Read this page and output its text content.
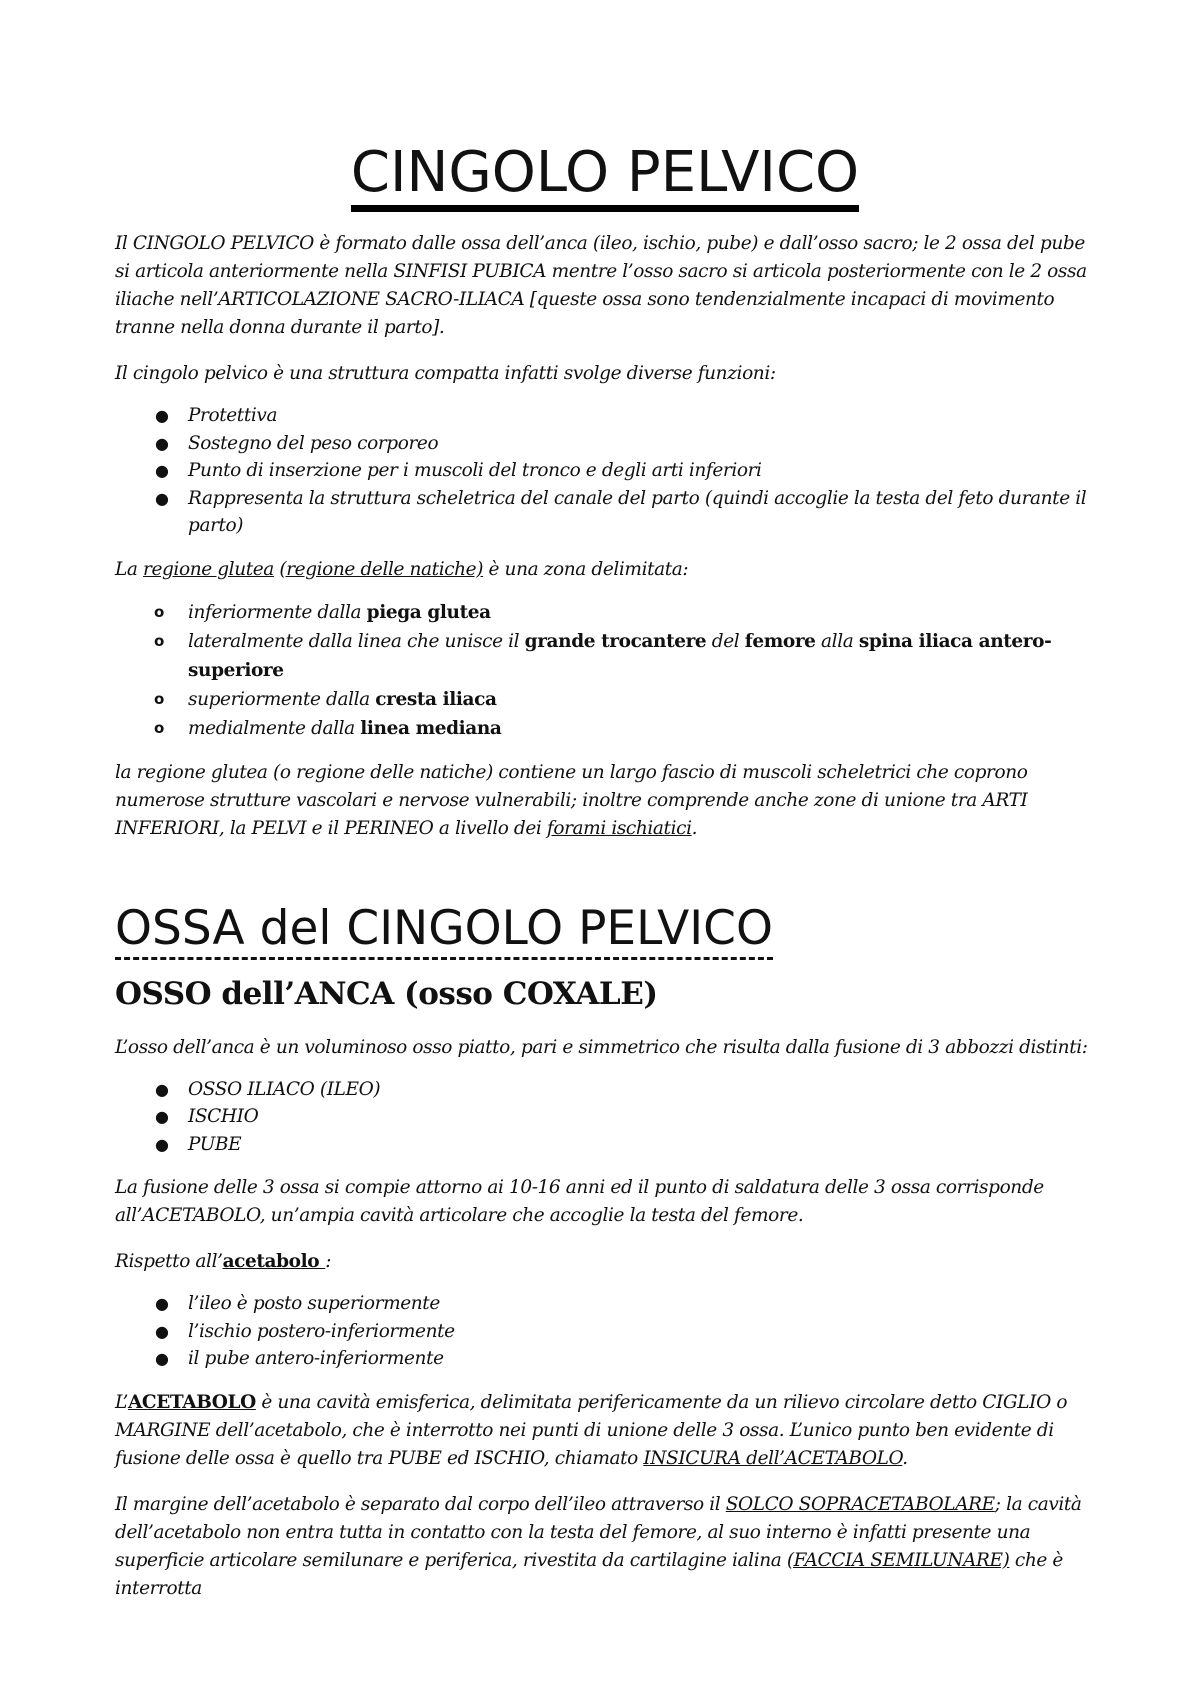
CINGOLO PELVICO

Il CINGOLO PELVICO è formato dalle ossa dell’anca (ileo, ischio, pube) e dall’osso sacro; le 2 ossa del pube si articola anteriormente nella SINFISI PUBICA mentre l’osso sacro si articola posteriormente con le 2 ossa iliache nell’ARTICOLAZIONE SACRO-ILIACA [queste ossa sono tendenzialmente incapaci di movimento tranne nella donna durante il parto].

Il cingolo pelvico è una struttura compatta infatti svolge diverse funzioni:

● Protettiva
● Sostegno del peso corporeo
● Punto di inserzione per i muscoli del tronco e degli arti inferiori
● Rappresenta la struttura scheletrica del canale del parto (quindi accoglie la testa del feto durante il parto)

La regione glutea (regione delle natiche) è una zona delimitata:

o inferiormente dalla piega glutea
o lateralmente dalla linea che unisce il grande trocantere del femore alla spina iliaca antero-superiore
o superiormente dalla cresta iliaca
o medialmente dalla linea mediana

la regione glutea (o regione delle natiche) contiene un largo fascio di muscoli scheletrici che coprono numerose strutture vascolari e nervose vulnerabili; inoltre comprende anche zone di unione tra ARTI INFERIORI, la PELVI e il PERINEO a livello dei forami ischiatici.

OSSA del CINGOLO PELVICO
OSSO dell’ANCA (osso COXALE)

L’osso dell’anca è un voluminoso osso piatto, pari e simmetrico che risulta dalla fusione di 3 abbozzi distinti:

● OSSO ILIACO (ILEO)
● ISCHIO
● PUBE

La fusione delle 3 ossa si compie attorno ai 10-16 anni ed il punto di saldatura delle 3 ossa corrisponde all’ACETABOLO, un’ampia cavità articolare che accoglie la testa del femore.

Rispetto all’acetabolo :

● l’ileo è posto superiormente
● l’ischio postero-inferiormente
● il pube antero-inferiormente

L’ACETABOLO è una cavità emisferica, delimitata perifericamente da un rilievo circolare detto CIGLIO o MARGINE dell’acetabolo, che è interrotto nei punti di unione delle 3 ossa. L’unico punto ben evidente di fusione delle ossa è quello tra PUBE ed ISCHIO, chiamato INSICURA dell’ACETABOLO.

Il margine dell’acetabolo è separato dal corpo dell’ileo attraverso il SOLCO SOPRACETABOLARE; la cavità dell’acetabolo non entra tutta in contatto con la testa del femore, al suo interno è infatti presente una superficie articolare semilunare e periferica, rivestita da cartilagine ialina (FACCIA SEMILUNARE) che è interrotta
